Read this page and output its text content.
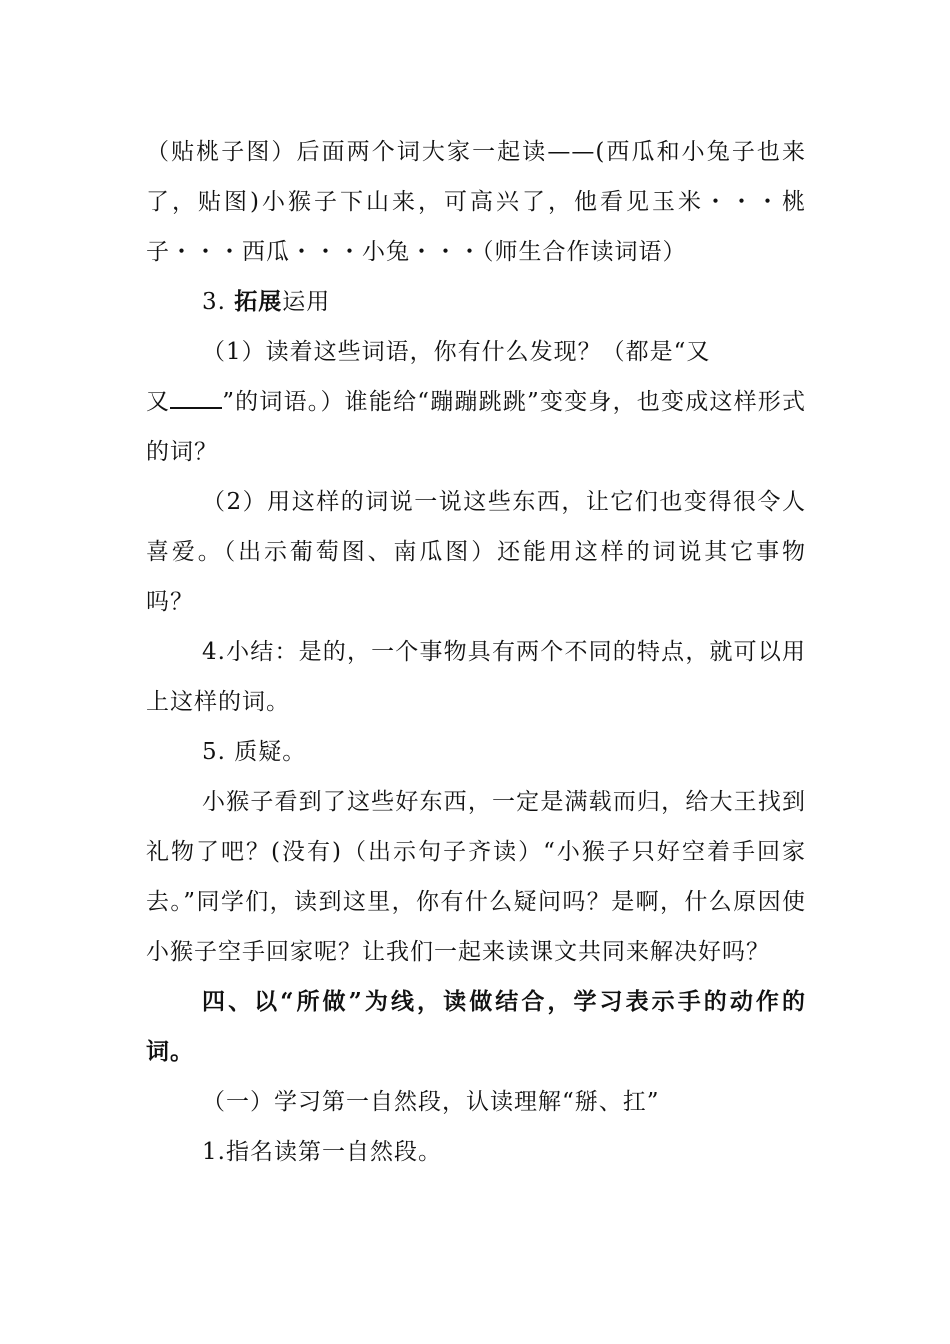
（贴桃子图）后面两个词大家一起读——(西瓜和小兔子也来了，贴图)小猴子下山来，可高兴了，他看见玉米・・・桃子・・・西瓜・・・小兔・・・（师生合作读词语）

3. 拓展运用

（1）读着这些词语，你有什么发现？（都是“又
又 ”的词语。）谁能给“蹦蹦跳跳”变变身，也变成这样形式的词？

（2）用这样的词说一说这些东西，让它们也变得很令人喜爱。（出示葡萄图、南瓜图）还能用这样的词说其它事物吗？

4.小结：是的，一个事物具有两个不同的特点，就可以用上这样的词。

5. 质疑。

小猴子看到了这些好东西，一定是满载而归，给大王找到礼物了吧？(没有)（出示句子齐读）“小猴子只好空着手回家去。”同学们，读到这里，你有什么疑问吗？是啊，什么原因使小猴子空手回家呢？让我们一起来读课文共同来解决好吗？

四、以“所做”为线，读做结合，学习表示手的动作的词。

（一）学习第一自然段，认读理解“掰、扛”

1.指名读第一自然段。
